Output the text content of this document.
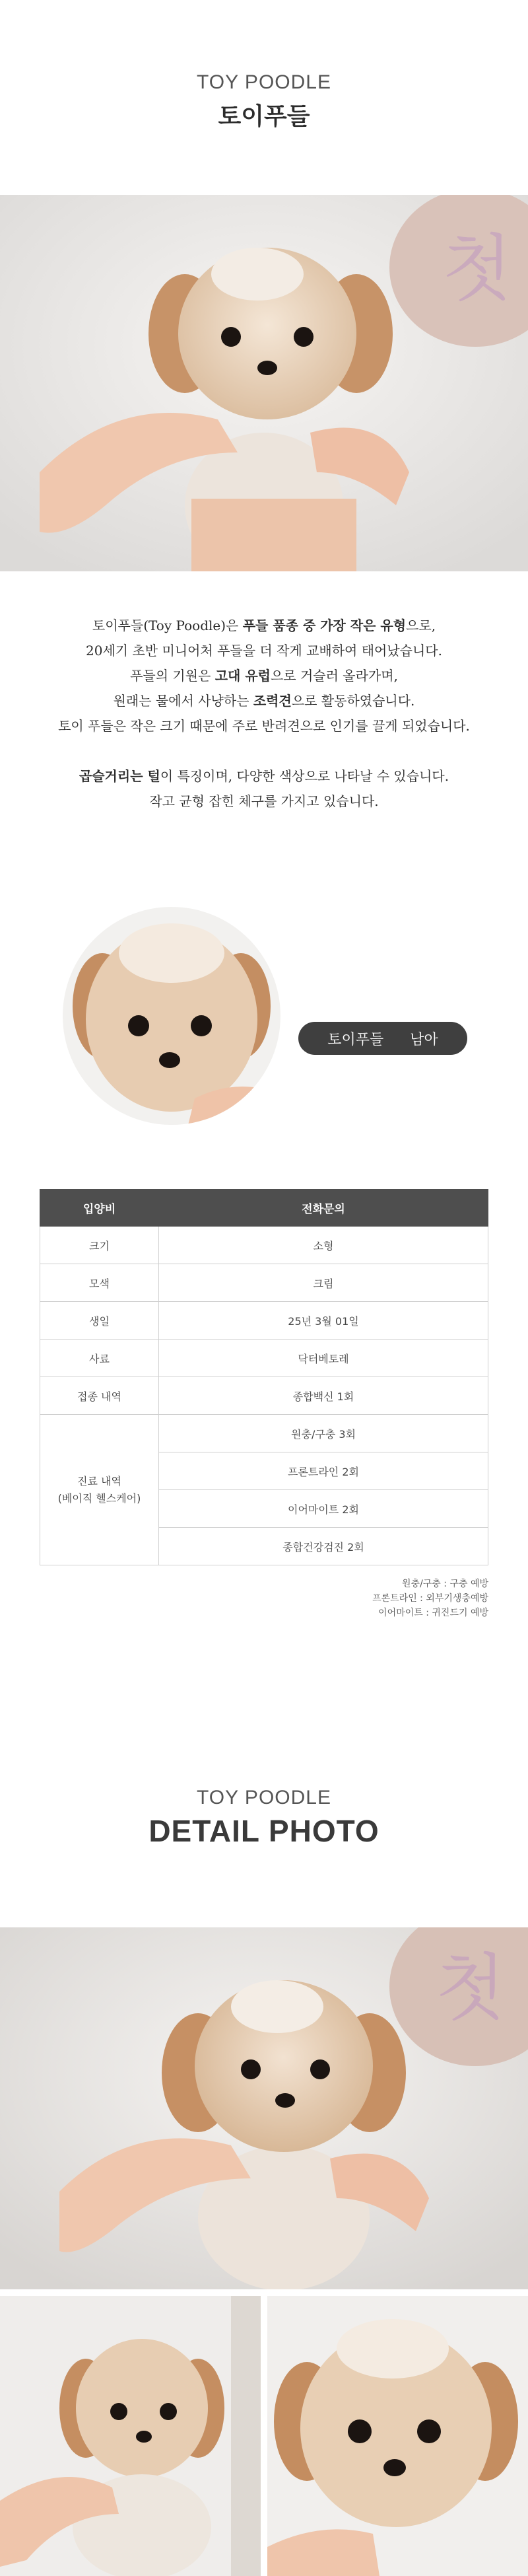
TOY POODLE
토이푸들
첫

토이푸들(Toy Poodle)은 푸들 품종 중 가장 작은 유형으로,

20세기 초반 미니어처 푸들을 더 작게 교배하여 태어났습니다.

푸들의 기원은 고대 유럽으로 거슬러 올라가며,

원래는 물에서 사냥하는 조력견으로 활동하였습니다.

토이 푸들은 작은 크기 때문에 주로 반려견으로 인기를 끌게 되었습니다.

곱슬거리는 털이 특징이며, 다양한 색상으로 나타날 수 있습니다.

작고 균형 잡힌 체구를 가지고 있습니다.

토이푸들 남아
입양비	전화문의
크기	소형
모색	크림
생일	25년 3월 01일
사료	닥터베토레
접종 내역	종합백신 1회

진료 내역
(베이직 헬스케어)	원충/구충 3회
	프론트라인 2회
	이어마이트 2회
	종합건강검진 2회
원충/구충 : 구충 예방
프론트라인 : 외부기생충예방
이어마이트 : 귀진드기 예방
TOY POODLE
DETAIL PHOTO
첫
